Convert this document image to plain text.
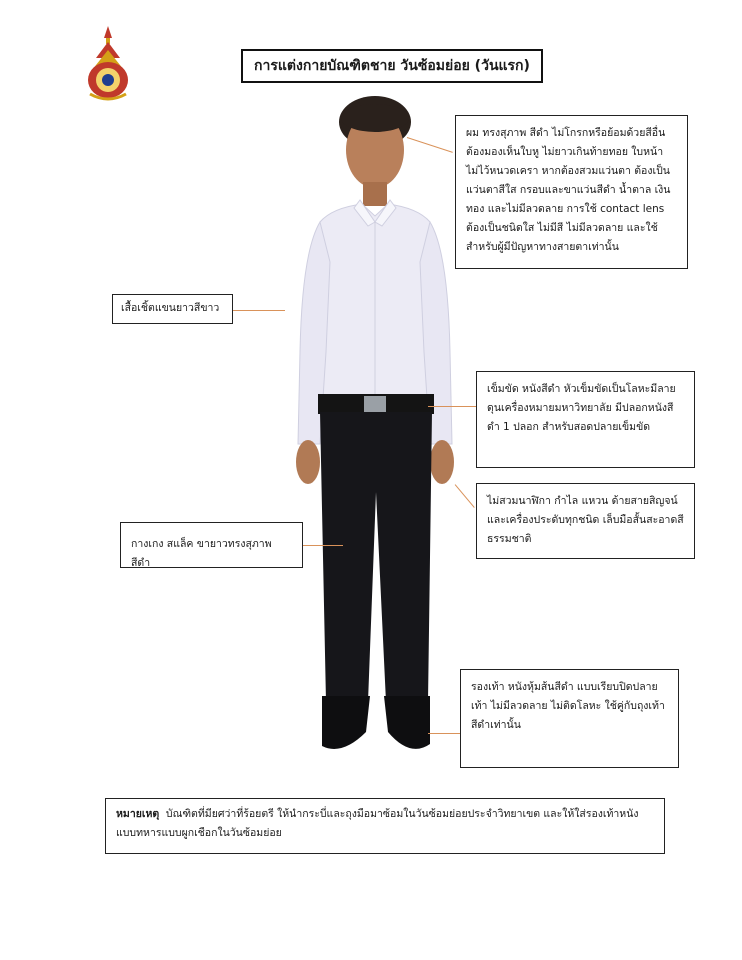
การแต่งกายบัณฑิตชาย วันซ้อมย่อย (วันแรก)
ผม ทรงสุภาพ สีดำ ไม่โกรกหรือย้อมด้วยสีอื่น ต้องมองเห็นใบหู ไม่ยาวเกินท้ายทอย ใบหน้า ไม่ไว้หนวดเครา หากต้องสวมแว่นตา ต้องเป็นแว่นตาสีใส กรอบและขาแว่นสีดำ น้ำตาล เงิน ทอง และไม่มีลวดลาย การใช้ contact lens ต้องเป็นชนิดใส ไม่มีสี ไม่มีลวดลาย และใช้สำหรับผู้มีปัญหาทางสายตาเท่านั้น
เสื้อเชิ้ตแขนยาวสีขาว
เข็มขัด หนังสีดำ หัวเข็มขัดเป็นโลหะมีลายดุนเครื่องหมายมหาวิทยาลัย มีปลอกหนังสีดำ 1 ปลอก สำหรับสอดปลายเข็มขัด
ไม่สวมนาฬิกา กำไล แหวน ด้ายสายสิญจน์ และเครื่องประดับทุกชนิด เล็บมือสั้นสะอาดสีธรรมชาติ
กางเกง สแล็ค ขายาวทรงสุภาพ สีดำ
รองเท้า หนังหุ้มส้นสีดำ แบบเรียบปิดปลายเท้า ไม่มีลวดลาย ไม่ติดโลหะ ใช้คู่กับถุงเท้าสีดำเท่านั้น
หมายเหตุ บัณฑิตที่มียศว่าที่ร้อยตรี ให้นำกระบี่และถุงมือมาซ้อมในวันซ้อมย่อยประจำวิทยาเขต และให้ใส่รองเท้าหนังแบบทหารแบบผูกเชือกในวันซ้อมย่อย
